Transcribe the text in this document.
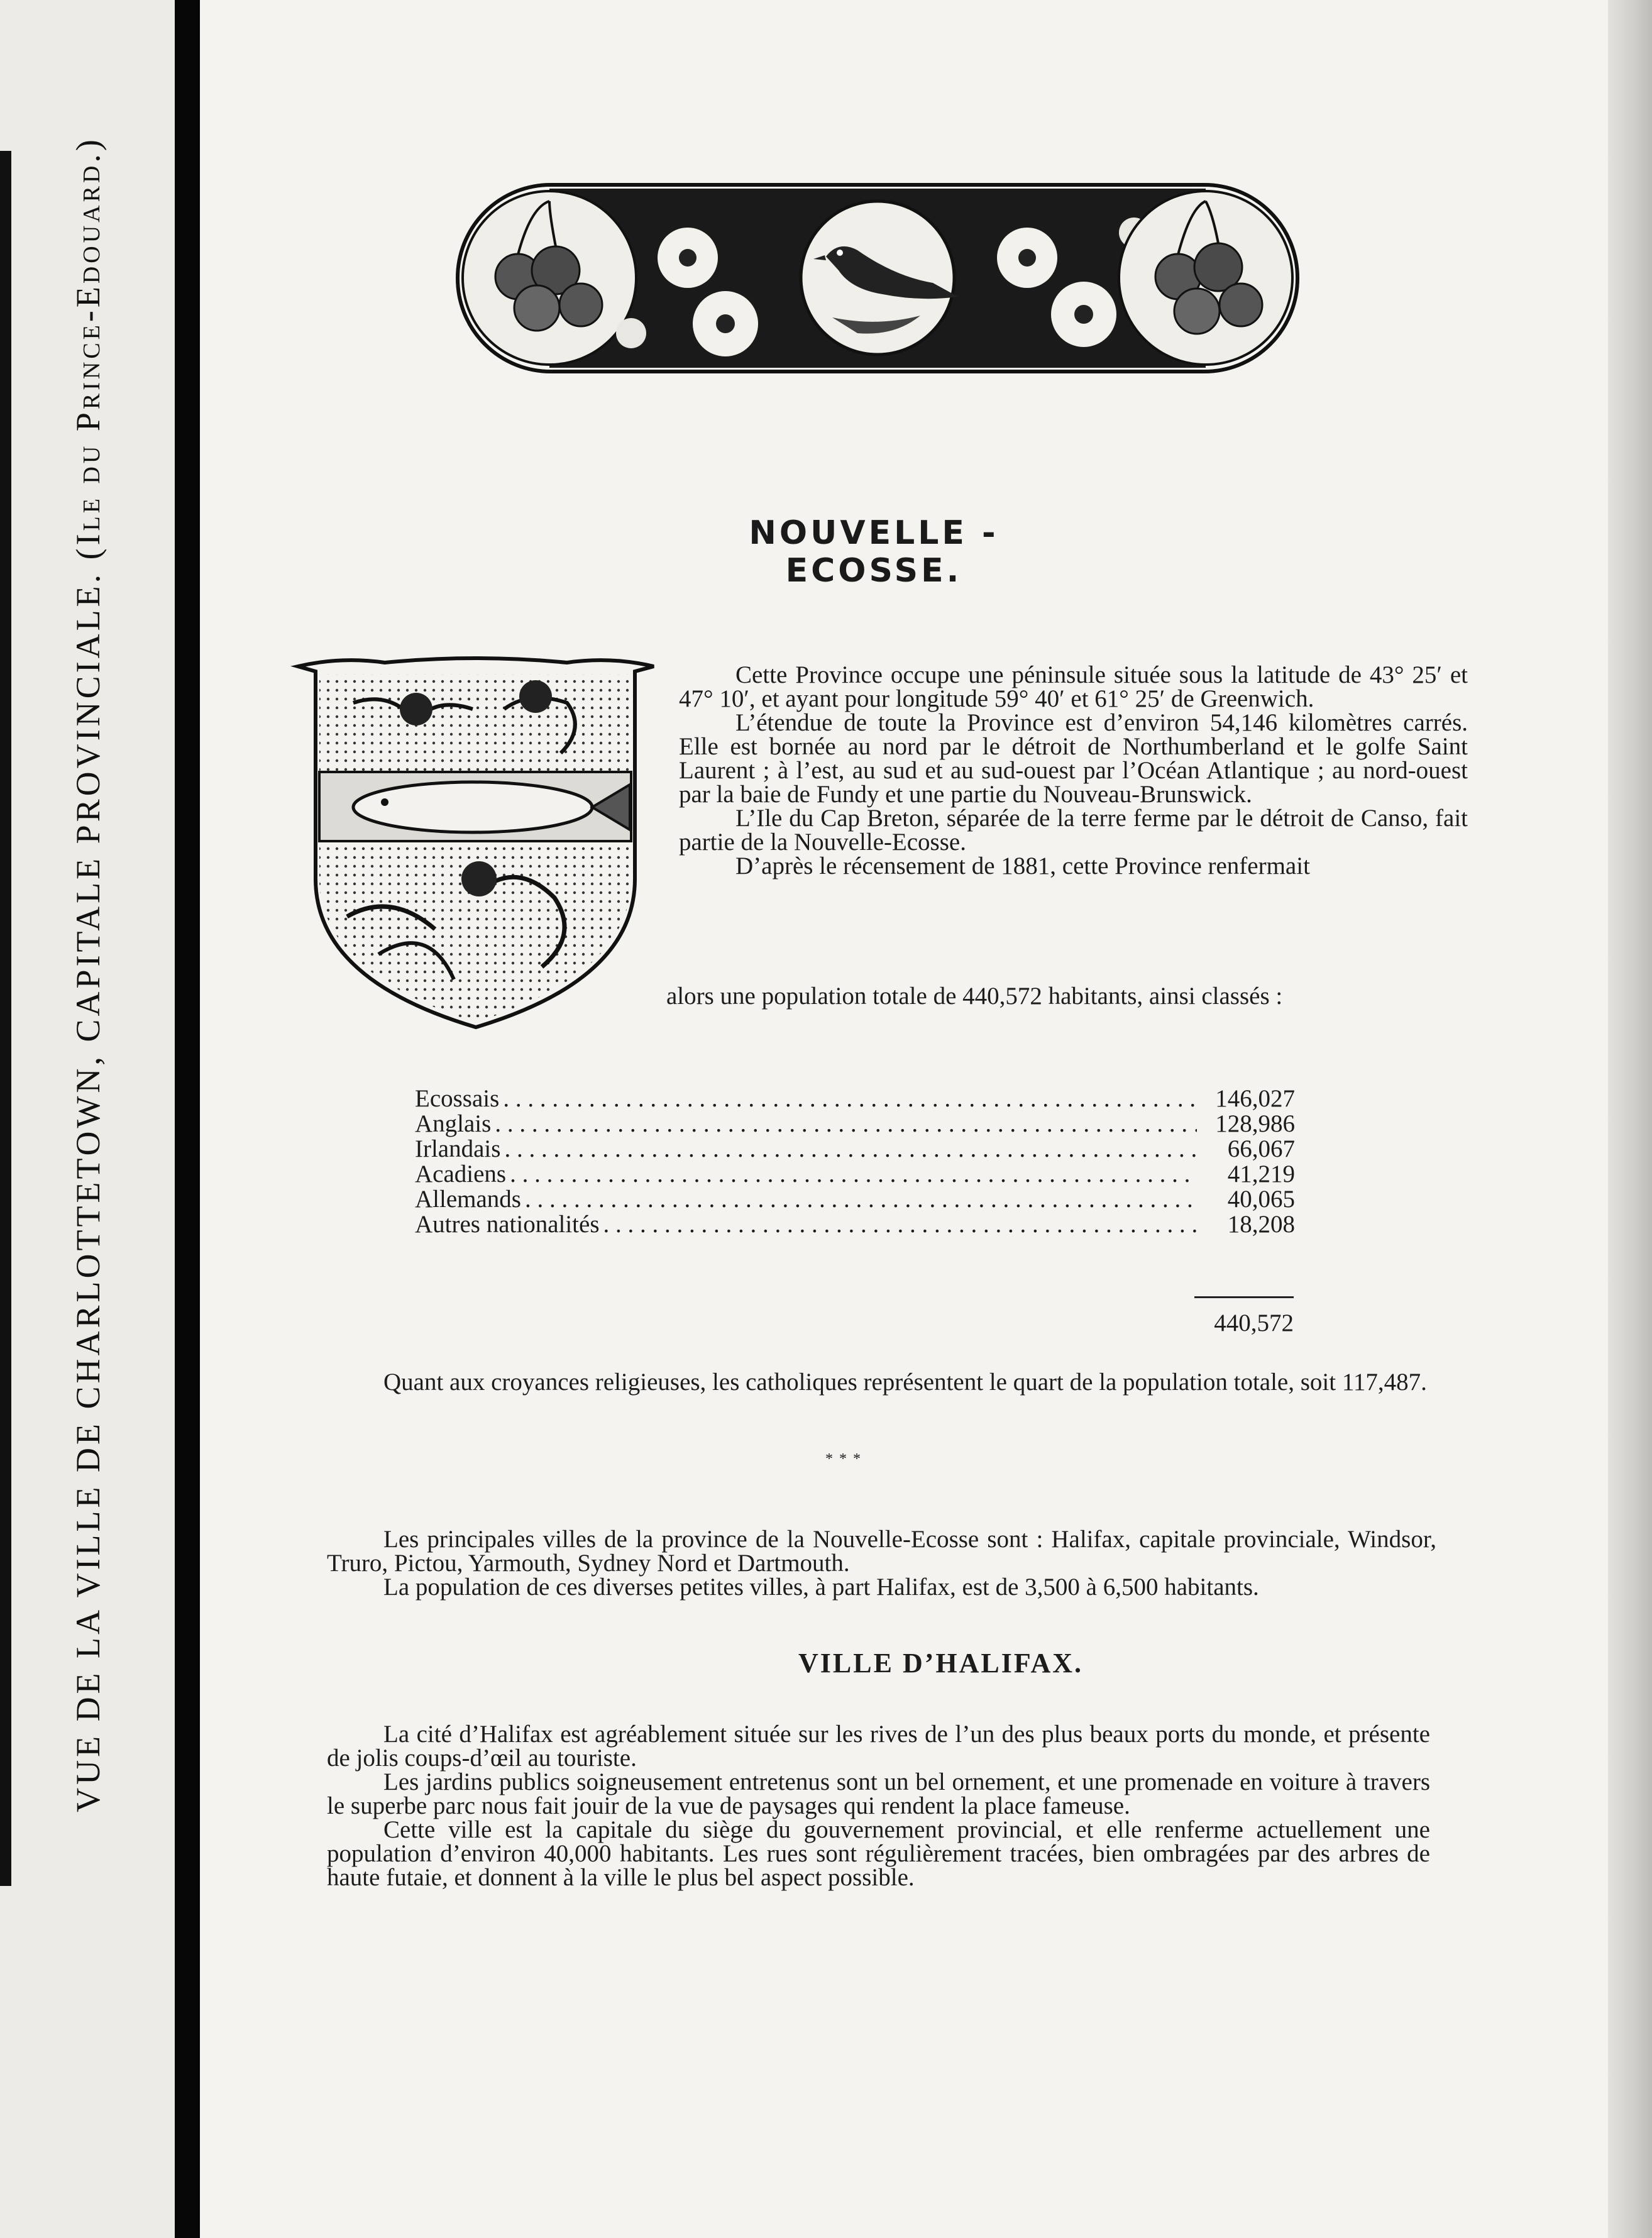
VUE DE LA VILLE DE CHARLOTTETOWN, CAPITALE PROVINCIALE. (Ile du Prince-Edouard.)	NOUVELLE - ECOSSE.

Cette Province occupe une péninsule située sous la latitude de 43° 25′ et 47° 10′, et ayant pour longitude 59° 40′ et 61° 25′ de Greenwich.

L’étendue de toute la Province est d’environ 54,146 kilomètres carrés. Elle est bornée au nord par le détroit de Northumberland et le golfe Saint Laurent ; à l’est, au sud et au sud-ouest par l’Océan Atlantique ; au nord-ouest par la baie de Fundy et une partie du Nouveau-Brunswick.

L’Ile du Cap Breton, séparée de la terre ferme par le détroit de Canso, fait partie de la Nouvelle-Ecosse.

D’après le récensement de 1881, cette Province renfermait

alors une population totale de 440,572 habitants, ainsi classés :
Ecossais . . .	146,027
Anglais . . .	128,986
Irlandais . . .	66,067
Acadiens . . .	41,219
Allemands . . .	40,065
Autres nationalités . . .	18,208
440,572

Quant aux croyances religieuses, les catholiques représentent le quart de la population totale, soit 117,487.

* * *

Les principales villes de la province de la Nouvelle-Ecosse sont : Halifax, capitale provinciale, Windsor, Truro, Pictou, Yarmouth, Sydney Nord et Dartmouth.

La population de ces diverses petites villes, à part Halifax, est de 3,500 à 6,500 habitants.

VILLE D’HALIFAX.

La cité d’Halifax est agréablement située sur les rives de l’un des plus beaux ports du monde, et présente de jolis coups-d’œil au touriste.

Les jardins publics soigneusement entretenus sont un bel ornement, et une promenade en voiture à travers le superbe parc nous fait jouir de la vue de paysages qui rendent la place fameuse.

Cette ville est la capitale du siège du gouvernement provincial, et elle renferme actuellement une population d’environ 40,000 habitants. Les rues sont régulièrement tracées, bien ombragées par des arbres de haute futaie, et donnent à la ville le plus bel aspect possible.
